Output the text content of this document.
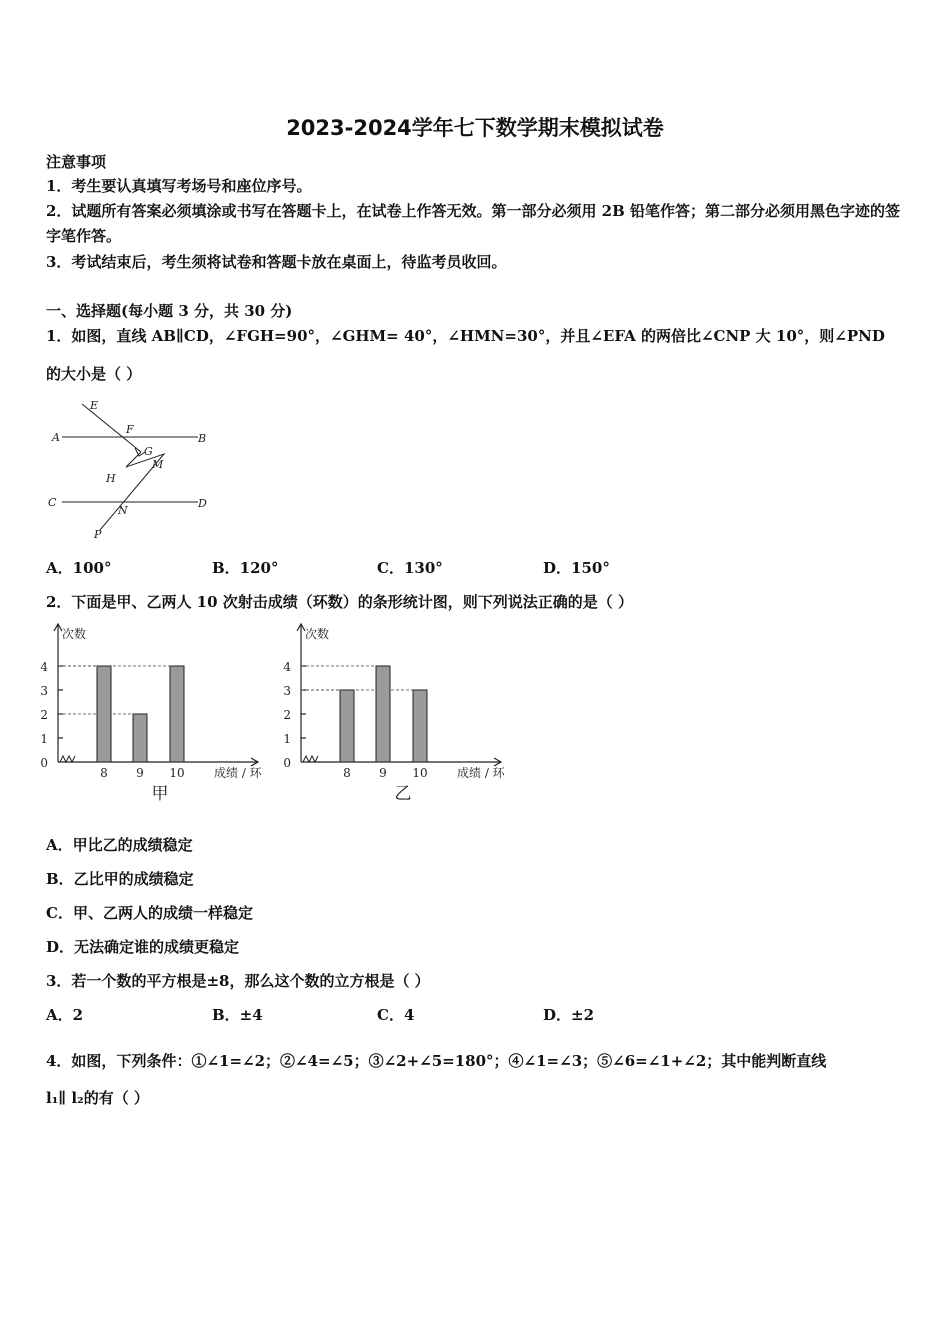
2023-2024学年七下数学期末模拟试卷
注意事项
1．考生要认真填写考场号和座位序号。
2．试题所有答案必须填涂或书写在答题卡上，在试卷上作答无效。第一部分必须用 2B 铅笔作答；第二部分必须用黑色字迹的签字笔作答。
3．考试结束后，考生须将试卷和答题卡放在桌面上，待监考员收回。
一、选择题(每小题 3 分，共 30 分)
1．如图，直线 AB∥CD，∠FGH=90°，∠GHM= 40°，∠HMN=30°，并且∠EFA 的两倍比∠CNP 大 10°，则∠PND
的大小是（ ）
E
A
F
B
G
M
H
C	D
N
P
A．100°	B．120°	C．130°	D．150°
2．下面是甲、乙两人 10 次射击成绩（环数）的条形统计图，则下列说法正确的是（ ）
0
1
2
3
4
次数
8 9 10 成绩 / 环
甲
0
1
2
3
4
次数
8 9 10 成绩 / 环
乙
A．甲比乙的成绩稳定
B．乙比甲的成绩稳定
C．甲、乙两人的成绩一样稳定
D．无法确定谁的成绩更稳定
3．若一个数的平方根是±8，那么这个数的立方根是（ ）
A．2	B．±4	C．4	D．±2
4．如图，下列条件：①∠1=∠2；②∠4=∠5；③∠2+∠5=180°；④∠1=∠3；⑤∠6=∠1+∠2；其中能判断直线
l₁∥ l₂的有（ ）
